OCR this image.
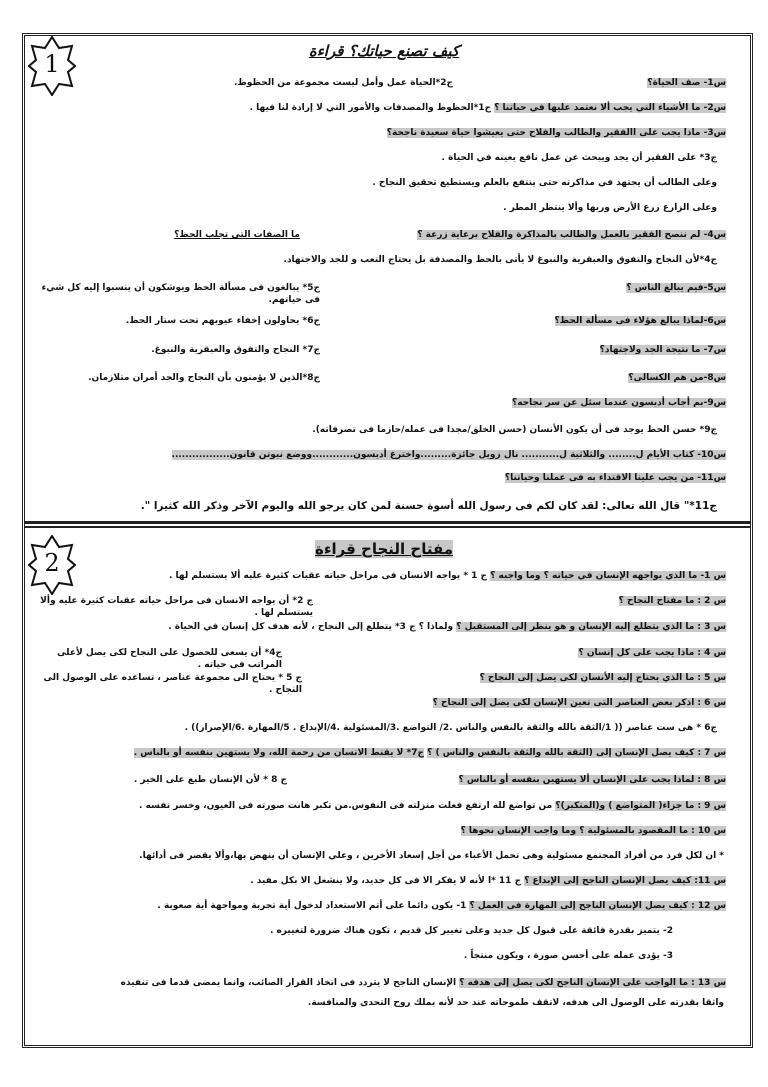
1
2
كيف تصنع حياتك؟ قراءة
مفتاح النجاح قراءة
س1- صف الحياة؟
ج2*الحياة عمل وأمل ليست مجموعة من الحظوظ.
س2- ما الأشياء التي يجب ألا نعتمد عليها في حياتنا ؟ ج1*الحظوظ والمصدفات والأمور التي لا إرادة لنا فيها .
س3- ماذا يجب على االفقير والطالب والفلاح حتى يعيشوا حياة سعيدة ناجحة؟
ج3* على الفقير أن يجد ويبحث عن عمل نافع يعينه في الحياة .
وعلى الطالب أن يجتهد في مذاكرته حتى ينتفع بالعلم ويستطيع تحقيق النجاح .
وعلى الزارع زرع الأرض وريها وألا ينتظر المطر .
س4- لم ننصح الفقير بالعمل والطالب بالمذاكرة والفلاح برعاية زرعة ؟
ما الصفات التى تجلب الحظ؟
ج4*لأن النجاح والتفوق والعبقرية والنبوغ لا يأتى بالحظ والمصدفة بل يحتاج التعب و للجد والاجتهاد.
س5-فيم يبالغ الناس ؟
ج5* يبالغون فى مسألة الحظ ويوشكون أن ينسبوا إليه كل شيء فى حياتهم.
س6-لماذا يبالغ هؤلاء فى مسألة الحظ؟
ج6* يحاولون إخفاء عيوبهم تحت ستار الحظ.
س7- ما نتيجة الجد ولاجتهاد؟
ج7* النجاح والتفوق والعبقرية والنبوغ.
س8-من هم الكسالى؟
ج8*الذين لا يؤمنون بأن النجاح والجد أمران متلازمان.
س9-بم أجاب أديسون عندما سئل عن سر نجاحه؟
ج9* حسن الحظ يوجد فى أن يكون الأنسان (حسن الخلق/مجدا فى عمله/حازما فى تصرفاته).
س10- كتاب الأيام ل........ والثلاثية ل........... نال زويل جائزة.........واخترع أديسون............ووضع نيوتن قانون.................
س11- من يجب علينا الاقتداء به فى عملنا وحياتنا؟
ج11*" قال الله تعالى: لقد كان لكم فى رسول الله أسوة حسنة لمن كان يرجو الله واليوم الآخر وذكر الله كثيرا ".
س 1- ما الذي يواجهه الإنسان في حياته ؟ وما واجبه ؟ ج 1 * يواجه الانسان فى مراحل حياته عقبات كثيرة عليه ألا يستسلم لها .
س 2 : ما مفتاح النجاح ؟
ج 2* أن يواجه الانسان فى مراحل حياته عقبات كثيرة عليه وألا يستسلم لها .
س 3 : ما الذي يتطلع إليه الإنسان و هو ينظر إلى المستقبل ؟ ولماذا ؟ ج 3* يتطلع إلى النجاح ، لأنه هدف كل إنسان في الحياة .
س 4 : ماذا يجب على كل إنسان ؟
ج4* أن يسعى للحصول على النجاح لكى يصل لأعلى المراتب فى حياته .
س 5 : ما الذي يحتاج إليه الأنسان لكى يصل إلى النجاح ؟
ج 5 * يحتاج الى مجموعة عناصر ، تساعده على الوصول الى النجاح .
س 6 : اذكر بعض العناصر التى تعين الإنسان لكى يصل إلى النجاح ؟
ج6 * هى ست عناصر (( 1/الثقة بالله والثقة بالنفس والناس .2/ التواضع .3/المسئولية .4/الإبداع . 5/المهارة .6/الإصرار)) .
س 7 : كيف يصل الإنسان إلى (الثقة بالله والثقة بالنفس والناس ) ؟ ج7* لا يقنط الانسان من رحمة الله، ولا يستهين بنفسه أو بالناس .
س 8 : لماذا يجب على الإنسان ألا يستهين بنفسه أو بالناس ؟
ج 8 * لأن الإنسان طبع على الخير .
س 9 : ما جزاء( المتواضع ) و(المتكبر)؟ من تواضع لله ارتفع فعلت منزلته فى النفوس.من تكبر هانت صورته فى العيون، وخسر نفسه .
س 10 : ما المقصود بالمسئولية ؟ وما واجب الإنسان نحوها ؟
* ان لكل فرد من أفراد المجتمع مسئولية وهى تحمل الأعباء من أجل إسعاد الأخرين ، وعلي الإنسان أن ينهض بها،وألا يقصر فى أدائها.
س 11: كيف يصل الإنسان الناجح إلى الإبداع ؟ ج 11 *ا لأنه لا يفكر الا فى كل جديد، ولا ينشغل الا بكل مفيد .
س 12 : كيف يصل الإنسان الناجح إلى المهارة فى العمل ؟ 1- يكون دائما على أتم الاستعداد لدخول أية تجربة ومواجهة أية صعوبة .
2- يتميز بقدرة فائقة على قبول كل جديد وعلى تغيير كل قديم ، تكون هناك ضرورة لتغييره .
3- يؤدى عمله على أحسن صورة ، ويكون منتجاً .
س 13 : ما الواجب على الإنسان الناجح لكى يصل إلى هدفه ؟ الإنسان الناجح لا يتردد فى اتخاذ القرار الصائب، وانما يمضى قدما فى تنفيذه
واثقا بقدرته على الوصول الى هدفه، لاتقف طموحاته عند حد لأنه يملك روح التحدى والمنافسة.
